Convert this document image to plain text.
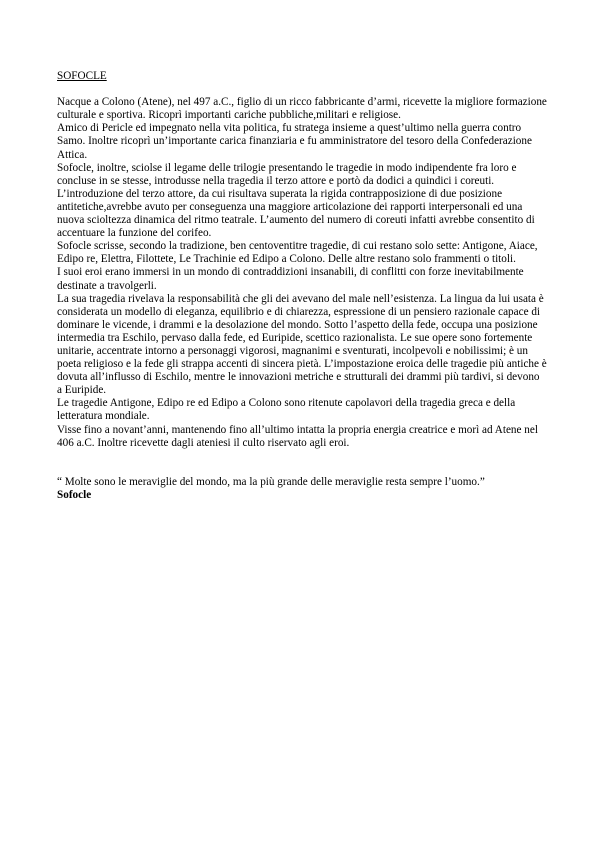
SOFOCLE

Nacque a Colono (Atene), nel 497 a.C., figlio di un ricco fabbricante d’armi, ricevette la migliore formazione culturale e sportiva. Ricoprì importanti cariche pubbliche,militari e religiose.

Amico di Pericle ed impegnato nella vita politica, fu stratega insieme a quest’ultimo nella guerra contro Samo. Inoltre ricoprì un’importante carica finanziaria e fu amministratore del tesoro della Confederazione Attica.

Sofocle, inoltre, sciolse il legame delle trilogie presentando le tragedie in modo indipendente fra loro e concluse in se stesse, introdusse nella tragedia il terzo attore e portò da dodici a quindici i coreuti. L’introduzione del terzo attore, da cui risultava superata la rigida contrapposizione di due posizione antitetiche,avrebbe avuto per conseguenza una maggiore articolazione dei rapporti interpersonali ed una nuova scioltezza dinamica del ritmo teatrale. L’aumento del numero di coreuti infatti avrebbe consentito di accentuare la funzione del corifeo.

Sofocle scrisse, secondo la tradizione, ben centoventitre tragedie, di cui restano solo sette: Antigone, Aiace, Edipo re, Elettra, Filottete, Le Trachinie ed Edipo a Colono. Delle altre restano solo frammenti o titoli.

I suoi eroi erano immersi in un mondo di contraddizioni insanabili, di conflitti con forze inevitabilmente destinate a travolgerli.

La sua tragedia rivelava la responsabilità che gli dei avevano del male nell’esistenza. La lingua da lui usata è considerata un modello di eleganza, equilibrio e di chiarezza, espressione di un pensiero razionale capace di dominare le vicende, i drammi e la desolazione del mondo. Sotto l’aspetto della fede, occupa una posizione intermedia tra Eschilo, pervaso dalla fede, ed Euripide, scettico razionalista. Le sue opere sono fortemente unitarie, accentrate intorno a personaggi vigorosi, magnanimi e sventurati, incolpevoli e nobilissimi; è un poeta religioso e la fede gli strappa accenti di sincera pietà. L’impostazione eroica delle tragedie più antiche è dovuta all’influsso di Eschilo, mentre le innovazioni metriche e strutturali dei drammi più tardivi, si devono a Euripide.

Le tragedie Antigone, Edipo re ed Edipo a Colono sono ritenute capolavori della tragedia greca e della letteratura mondiale.

Visse fino a novant’anni, mantenendo fino all’ultimo intatta la propria energia creatrice e morì ad Atene nel 406 a.C. Inoltre ricevette dagli ateniesi il culto riservato agli eroi.

“ Molte sono le meraviglie del mondo, ma la più grande delle meraviglie resta sempre l’uomo.”

Sofocle
